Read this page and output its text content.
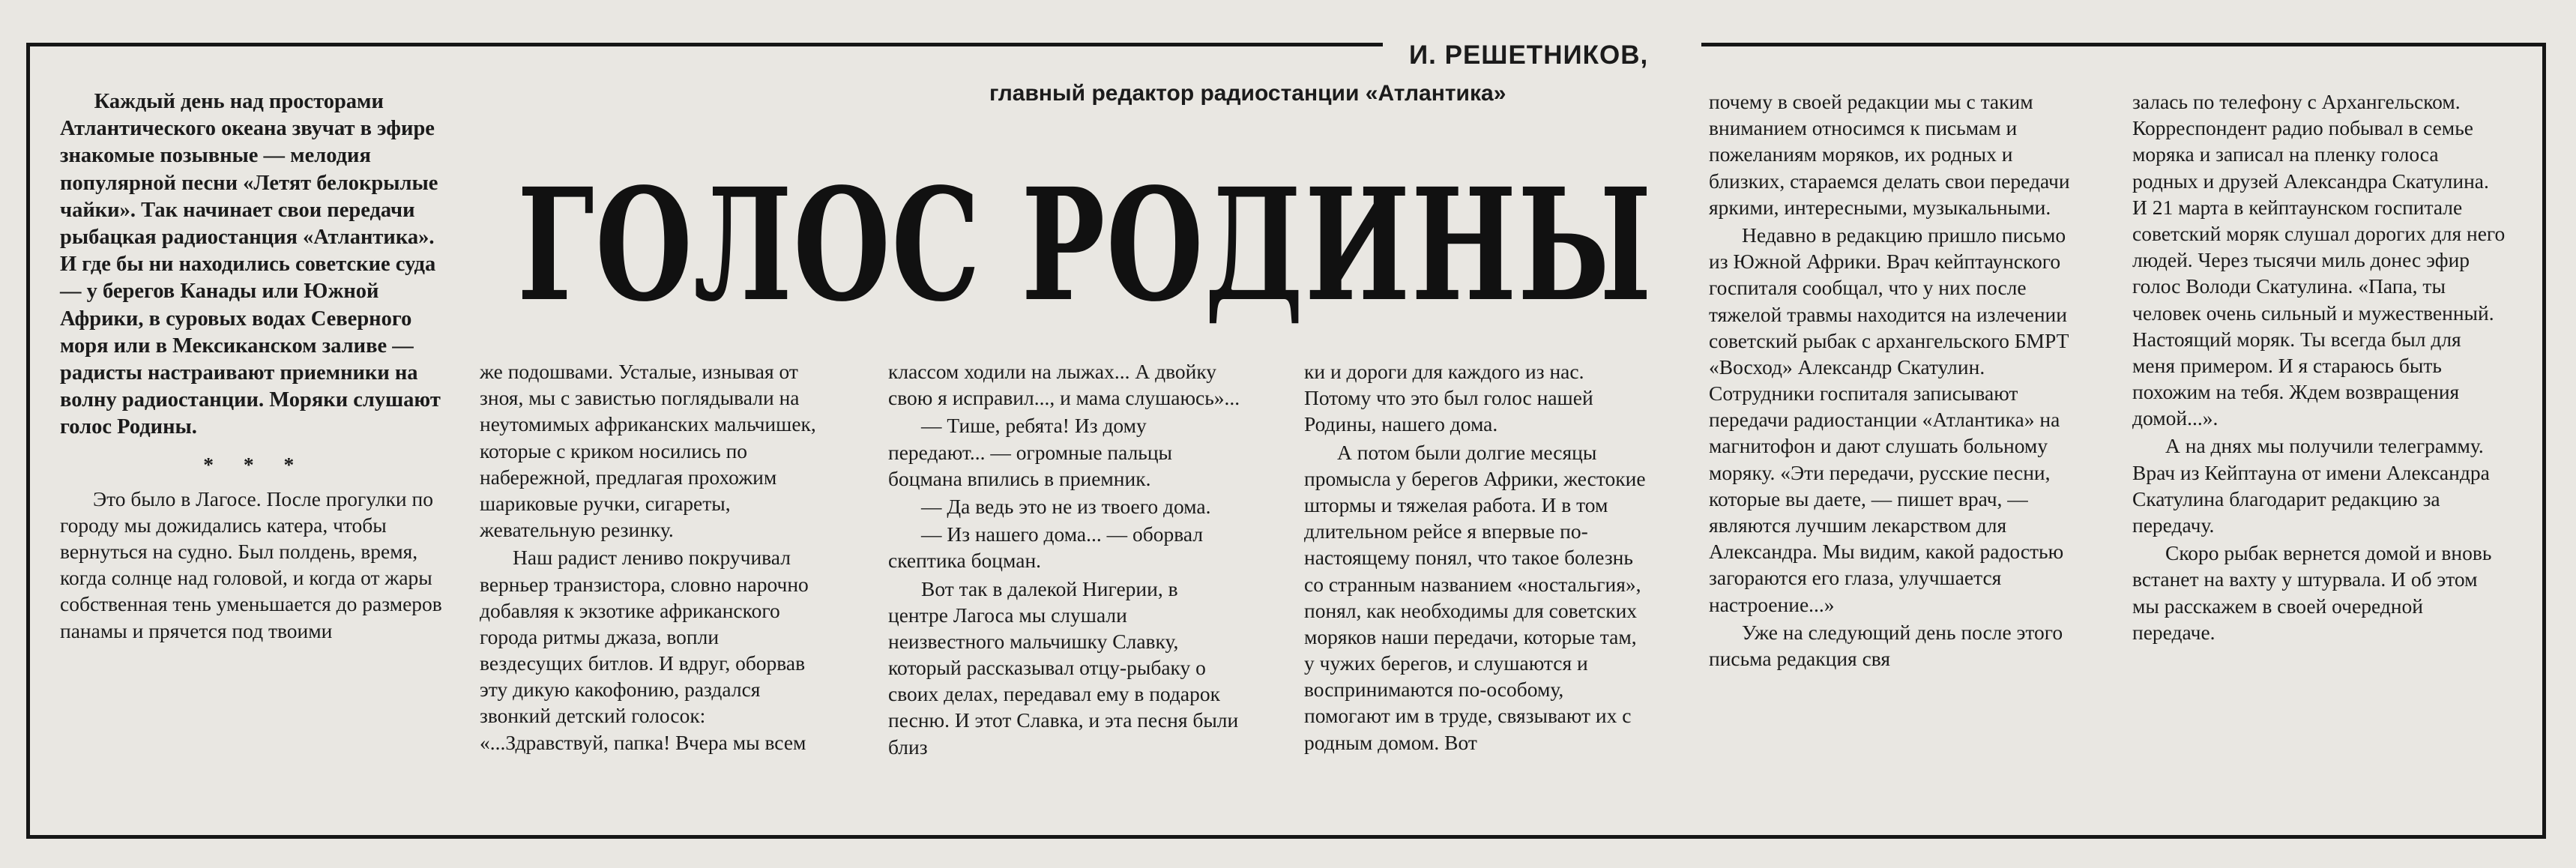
И. РЕШЕТНИКОВ,
главный редактор радиостанции «Атлантика»
ГОЛОС РОДИНЫ

Каждый день над просторами Атлантического океана звучат в эфире знакомые позывные — мелодия популярной песни «Летят белокрылые чайки». Так начинает свои передачи рыбацкая радиостанция «Атлантика». И где бы ни находились советские суда — у берегов Канады или Южной Африки, в суровых водах Северного моря или в Мексиканском заливе — радисты настраивают приемники на волну радиостанции. Моряки слушают голос Родины.

* * *

Это было в Лагосе. После прогулки по городу мы дожидались катера, чтобы вернуться на судно. Был полдень, время, когда солнце над головой, и когда от жары собственная тень уменьшается до размеров панамы и прячется под твоими

же подошвами. Усталые, изнывая от зноя, мы с завистью поглядывали на неутомимых африканских мальчишек, которые с криком носились по набережной, предлагая прохожим шариковые ручки, сигареты, жевательную резинку.

Наш радист лениво покручивал верньер транзистора, словно нарочно добавляя к экзотике африканского города ритмы джаза, вопли вездесущих битлов. И вдруг, оборвав эту дикую какофонию, раздался звонкий детский голосок: «...Здравствуй, папка! Вчера мы всем

классом ходили на лыжах... А двойку свою я исправил..., и мама слушаюсь»...

— Тише, ребята! Из дому передают... — огромные пальцы боцмана впились в приемник.

— Да ведь это не из твоего дома.

— Из нашего дома... — оборвал скептика боцман.

Вот так в далекой Нигерии, в центре Лагоса мы слушали неизвестного мальчишку Славку, который рассказывал отцу-рыбаку о своих делах, передавал ему в подарок песню. И этот Славка, и эта песня были близ

ки и дороги для каждого из нас. Потому что это был голос нашей Родины, нашего дома.

А потом были долгие месяцы промысла у берегов Африки, жестокие штормы и тяжелая работа. И в том длительном рейсе я впервые по-настоящему понял, что такое болезнь со странным названием «ностальгия», понял, как необходимы для советских моряков наши передачи, которые там, у чужих берегов, и слушаются и воспринимаются по-особому, помогают им в труде, связывают их с родным домом. Вот

почему в своей редакции мы с таким вниманием относимся к письмам и пожеланиям моряков, их родных и близких, стараемся делать свои передачи яркими, интересными, музыкальными.

Недавно в редакцию пришло письмо из Южной Африки. Врач кейптаунского госпиталя сообщал, что у них после тяжелой травмы находится на излечении советский рыбак с архангельского БМРТ «Восход» Александр Скатулин. Сотрудники госпиталя записывают передачи радиостанции «Атлантика» на магнитофон и дают слушать больному моряку. «Эти передачи, русские песни, которые вы даете, — пишет врач, — являются лучшим лекарством для Александра. Мы видим, какой радостью загораются его глаза, улучшается настроение...»

Уже на следующий день после этого письма редакция свя

залась по телефону с Архангельском. Корреспондент радио побывал в семье моряка и записал на пленку голоса родных и друзей Александра Скатулина. И 21 марта в кейптаунском госпитале советский моряк слушал дорогих для него людей. Через тысячи миль донес эфир голос Володи Скатулина. «Папа, ты человек очень сильный и мужественный. Настоящий моряк. Ты всегда был для меня примером. И я стараюсь быть похожим на тебя. Ждем возвращения домой...».

А на днях мы получили телеграмму. Врач из Кейптауна от имени Александра Скатулина благодарит редакцию за передачу.

Скоро рыбак вернется домой и вновь встанет на вахту у штурвала. И об этом мы расскажем в своей очередной передаче.
